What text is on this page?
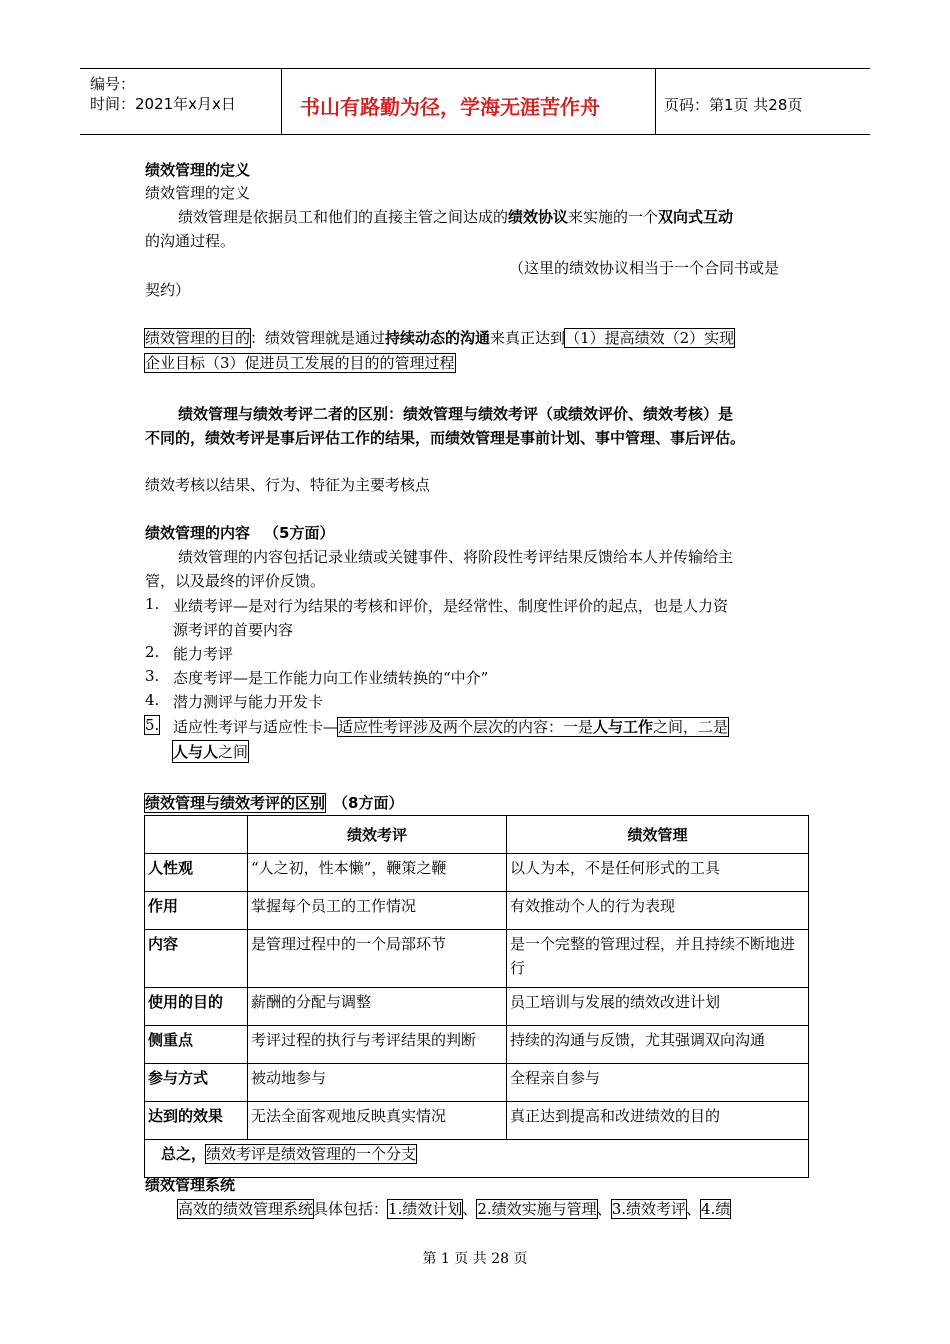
编号：
时间：2021年x月x日	书山有路勤为径，学海无涯苦作舟	页码：第1页 共28页
绩效管理的定义
绩效管理的定义
绩效管理是依据员工和他们的直接主管之间达成的绩效协议来实施的一个双向式互动
的沟通过程。
（这里的绩效协议相当于一个合同书或是
契约）
绩效管理的目的：绩效管理就是通过持续动态的沟通来真正达到（1）提高绩效（2）实现
企业目标（3）促进员工发展的目的的管理过程
绩效管理与绩效考评二者的区别：绩效管理与绩效考评（或绩效评价、绩效考核）是
不同的，绩效考评是事后评估工作的结果，而绩效管理是事前计划、事中管理、事后评估。
绩效考核以结果、行为、特征为主要考核点
绩效管理的内容 （5方面）
绩效管理的内容包括记录业绩或关键事件、将阶段性考评结果反馈给本人并传输给主
管，以及最终的评价反馈。
1. 业绩考评—是对行为结果的考核和评价，是经常性、制度性评价的起点，也是人力资
源考评的首要内容
2. 能力考评
3. 态度考评—是工作能力向工作业绩转换的“中介”
4. 潜力测评与能力开发卡
5. 适应性考评与适应性卡—适应性考评涉及两个层次的内容：一是人与工作之间，二是
人与人之间
绩效管理与绩效考评的区别 （8方面）
	绩效考评	绩效管理
人性观	“人之初，性本懒”，鞭策之鞭	以人为本，不是任何形式的工具
作用	掌握每个员工的工作情况	有效推动个人的行为表现
内容	是管理过程中的一个局部环节	是一个完整的管理过程，并且持续不断地进行
使用的目的	薪酬的分配与调整	员工培训与发展的绩效改进计划
侧重点	考评过程的执行与考评结果的判断	持续的沟通与反馈，尤其强调双向沟通
参与方式	被动地参与	全程亲自参与
达到的效果	无法全面客观地反映真实情况	真正达到提高和改进绩效的目的
总之，绩效考评是绩效管理的一个分支		
绩效管理系统
高效的绩效管理系统具体包括：1.绩效计划、2.绩效实施与管理、3.绩效考评、4.绩
第 1 页 共 28 页
